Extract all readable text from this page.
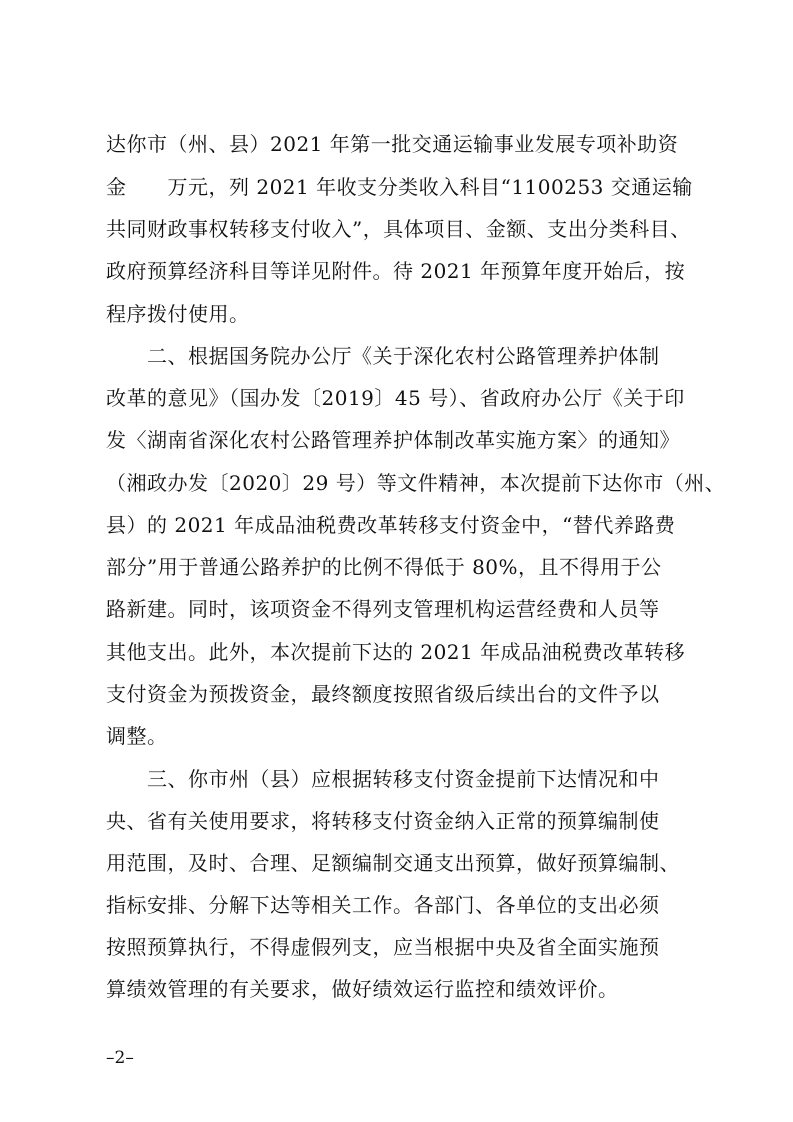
达你市（州、县）2021 年第一批交通运输事业发展专项补助资
金　　万元，列 2021 年收支分类收入科目“1100253 交通运输
共同财政事权转移支付收入”，具体项目、金额、支出分类科目、
政府预算经济科目等详见附件。待 2021 年预算年度开始后，按
程序拨付使用。
　　二、根据国务院办公厅《关于深化农村公路管理养护体制
改革的意见》（国办发〔2019〕45 号）、省政府办公厅《关于印
发〈湖南省深化农村公路管理养护体制改革实施方案〉的通知》
（湘政办发〔2020〕29 号）等文件精神，本次提前下达你市（州、
县）的 2021 年成品油税费改革转移支付资金中，“替代养路费
部分”用于普通公路养护的比例不得低于 80%，且不得用于公
路新建。同时，该项资金不得列支管理机构运营经费和人员等
其他支出。此外，本次提前下达的 2021 年成品油税费改革转移
支付资金为预拨资金，最终额度按照省级后续出台的文件予以
调整。
　　三、你市州（县）应根据转移支付资金提前下达情况和中
央、省有关使用要求，将转移支付资金纳入正常的预算编制使
用范围，及时、合理、足额编制交通支出预算，做好预算编制、
指标安排、分解下达等相关工作。各部门、各单位的支出必须
按照预算执行，不得虚假列支，应当根据中央及省全面实施预
算绩效管理的有关要求，做好绩效运行监控和绩效评价。
–2–
